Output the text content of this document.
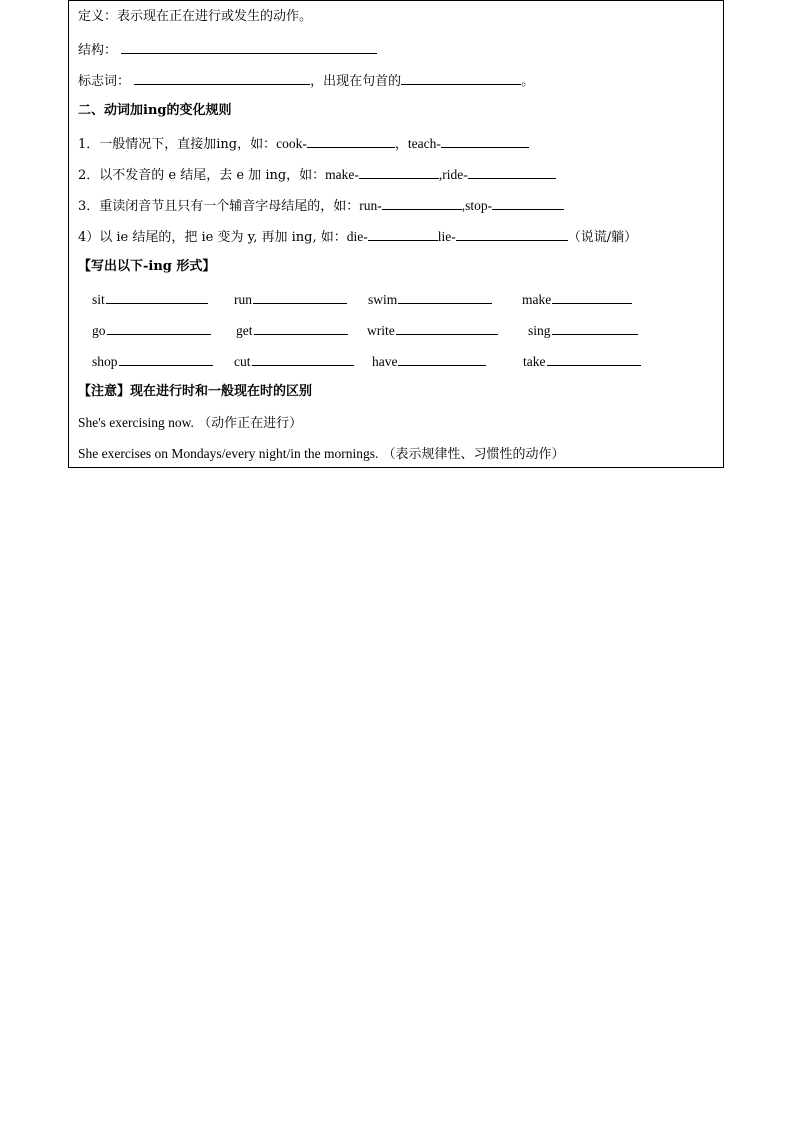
定义：表示现在正在进行或发生的动作。
结构：
标志词：	，出现在句首的	。
二、动词加ing的变化规则
1．一般情况下，直接加ing，如：cook-	，teach-
2．以不发音的 e 结尾，去 e 加 ing，如：make-	,ride-
3．重读闭音节且只有一个辅音字母结尾的，如：run-	,stop-
4）以 ie 结尾的，把 ie 变为 y, 再加 ing, 如：die-	lie-	（说谎/躺）
【写出以下-ing 形式】
sit	run	swim	make
go	get	write	sing
shop	cut	have	take
【注意】现在进行时和一般现在时的区别
She's exercising now. （动作正在进行）
She exercises on Mondays/every night/in the mornings. （表示规律性、习惯性的动作）
